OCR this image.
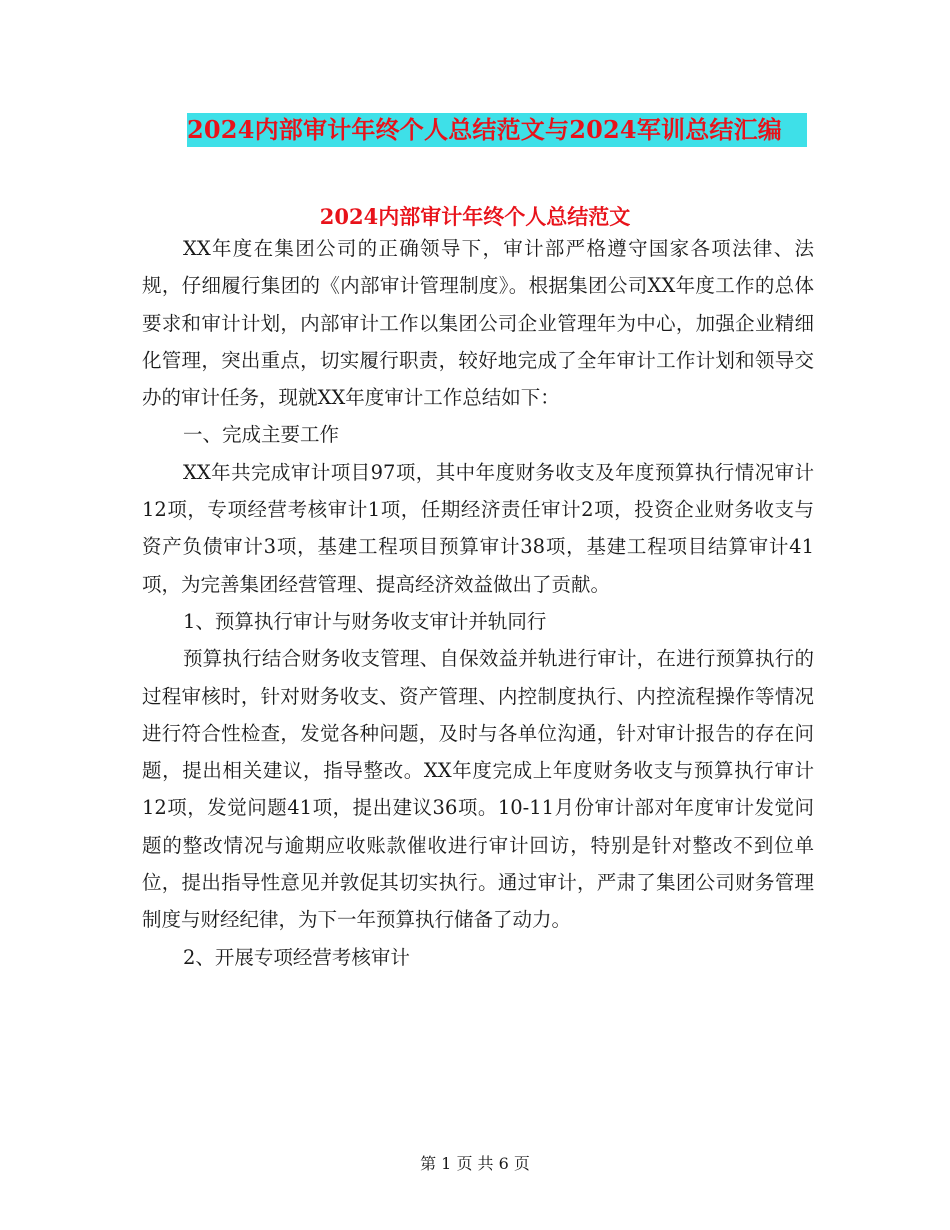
2024内部审计年终个人总结范文与2024军训总结汇编
2024内部审计年终个人总结范文

XX年度在集团公司的正确领导下，审计部严格遵守国家各项法律、法规，仔细履行集团的《内部审计管理制度》。根据集团公司XX年度工作的总体要求和审计计划，内部审计工作以集团公司企业管理年为中心，加强企业精细化管理，突出重点，切实履行职责，较好地完成了全年审计工作计划和领导交办的审计任务，现就XX年度审计工作总结如下：

一、完成主要工作

XX年共完成审计项目97项，其中年度财务收支及年度预算执行情况审计12项，专项经营考核审计1项，任期经济责任审计2项，投资企业财务收支与资产负债审计3项，基建工程项目预算审计38项，基建工程项目结算审计41项，为完善集团经营管理、提高经济效益做出了贡献。

1、预算执行审计与财务收支审计并轨同行

预算执行结合财务收支管理、自保效益并轨进行审计，在进行预算执行的过程审核时，针对财务收支、资产管理、内控制度执行、内控流程操作等情况进行符合性检查，发觉各种问题，及时与各单位沟通，针对审计报告的存在问题，提出相关建议，指导整改。XX年度完成上年度财务收支与预算执行审计12项，发觉问题41项，提出建议36项。10-11月份审计部对年度审计发觉问题的整改情况与逾期应收账款催收进行审计回访，特别是针对整改不到位单位，提出指导性意见并敦促其切实执行。通过审计，严肃了集团公司财务管理制度与财经纪律，为下一年预算执行储备了动力。

2、开展专项经营考核审计

第 1 页 共 6 页
